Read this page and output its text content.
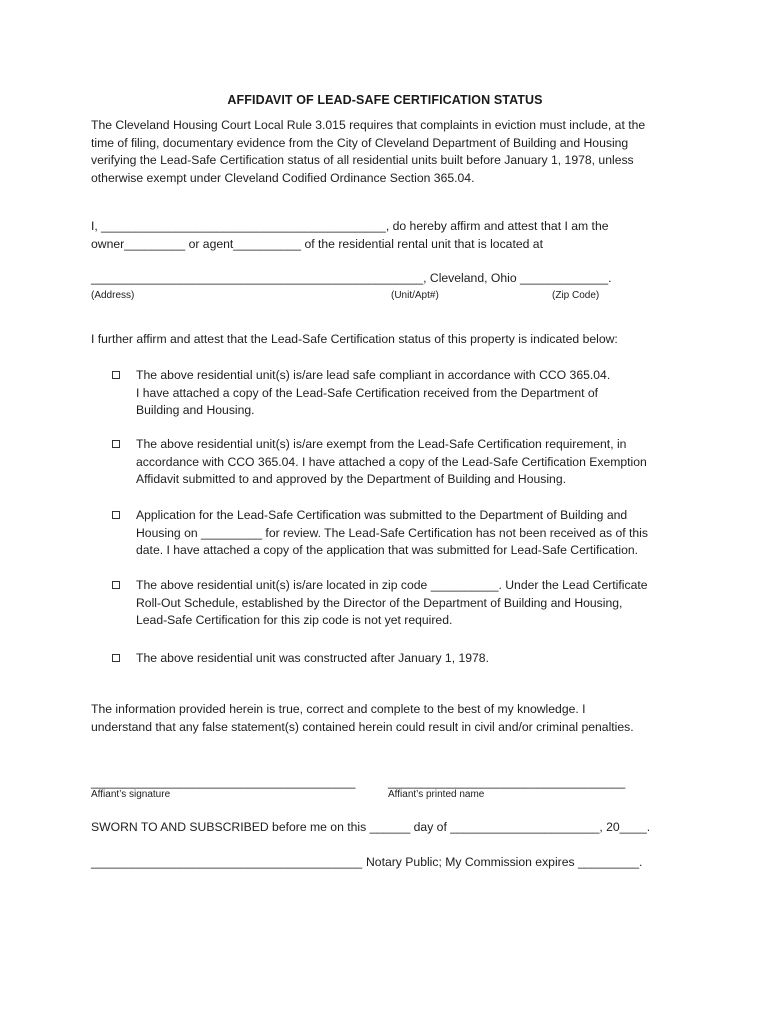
AFFIDAVIT OF LEAD-SAFE CERTIFICATION STATUS
The Cleveland Housing Court Local Rule 3.015 requires that complaints in eviction must include, at the
time of filing, documentary evidence from the City of Cleveland Department of Building and Housing
verifying the Lead-Safe Certification status of all residential units built before January 1, 1978, unless
otherwise exempt under Cleveland Codified Ordinance Section 365.04.
I, __________________________________________, do hereby affirm and attest that I am the
owner_________ or agent__________ of the residential rental unit that is located at
_________________________________________________, Cleveland, Ohio _____________.
(Address)	(Unit/Apt#)	(Zip Code)
I further affirm and attest that the Lead-Safe Certification status of this property is indicated below:
The above residential unit(s) is/are lead safe compliant in accordance with CCO 365.04.
I have attached a copy of the Lead-Safe Certification received from the Department of
Building and Housing.
The above residential unit(s) is/are exempt from the Lead-Safe Certification requirement, in
accordance with CCO 365.04. I have attached a copy of the Lead-Safe Certification Exemption
Affidavit submitted to and approved by the Department of Building and Housing.
Application for the Lead-Safe Certification was submitted to the Department of Building and
Housing on _________ for review. The Lead-Safe Certification has not been received as of this
date. I have attached a copy of the application that was submitted for Lead-Safe Certification.
The above residential unit(s) is/are located in zip code __________. Under the Lead Certificate
Roll-Out Schedule, established by the Director of the Department of Building and Housing,
Lead-Safe Certification for this zip code is not yet required.
The above residential unit was constructed after January 1, 1978.
The information provided herein is true, correct and complete to the best of my knowledge. I
understand that any false statement(s) contained herein could result in civil and/or criminal penalties.
_______________________________________
Affiant’s signature
___________________________________
Affiant’s printed name
SWORN TO AND SUBSCRIBED before me on this ______ day of ______________________, 20____.
________________________________________ Notary Public; My Commission expires _________.
